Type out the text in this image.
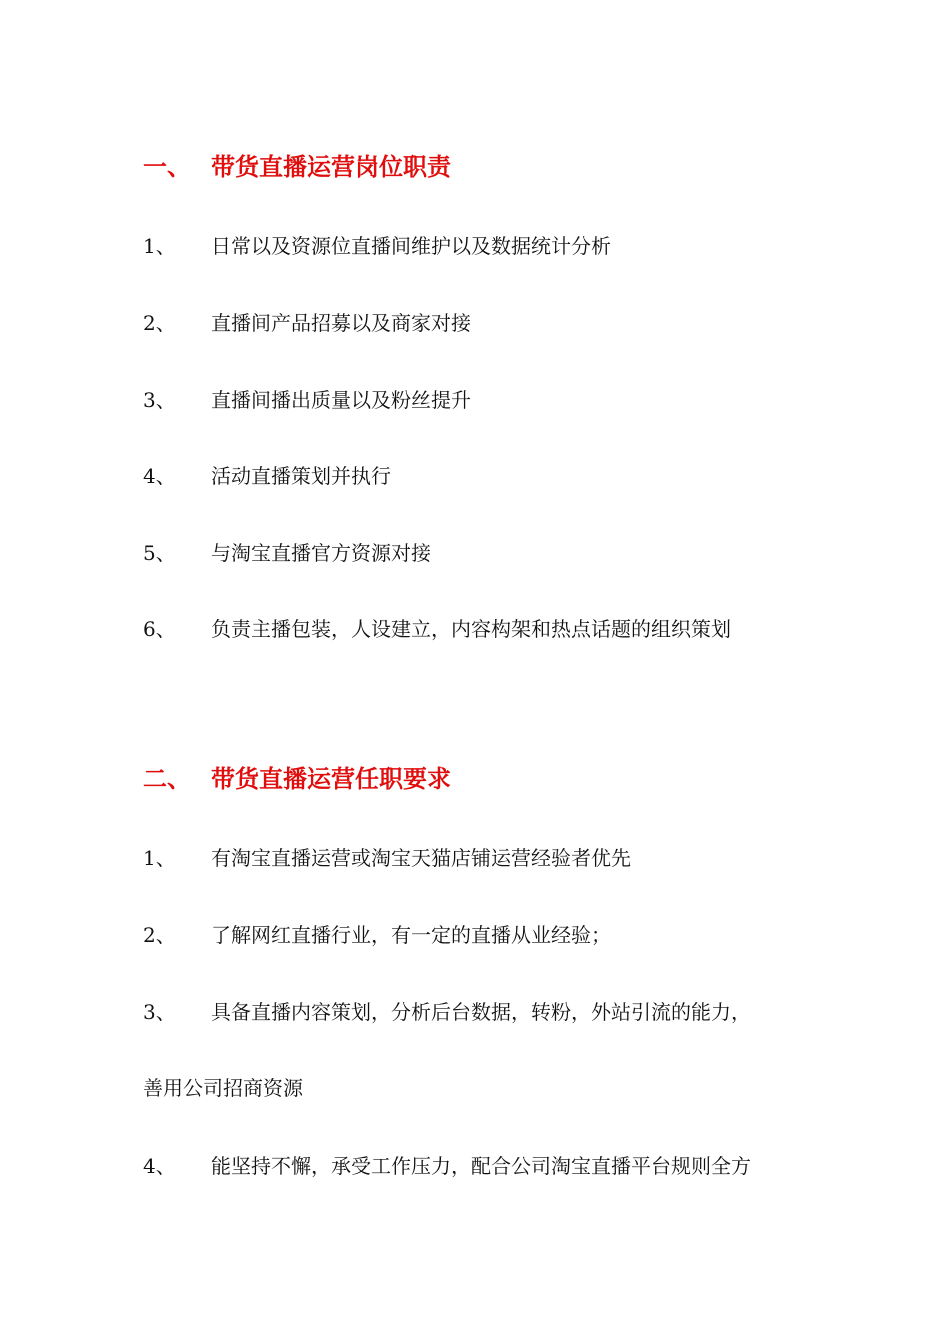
一、 带货直播运营岗位职责
1、 日常以及资源位直播间维护以及数据统计分析
2、 直播间产品招募以及商家对接
3、 直播间播出质量以及粉丝提升
4、 活动直播策划并执行
5、 与淘宝直播官方资源对接
6、 负责主播包装，人设建立，内容构架和热点话题的组织策划
二、 带货直播运营任职要求
1、 有淘宝直播运营或淘宝天猫店铺运营经验者优先
2、 了解网红直播行业，有一定的直播从业经验；
3、 具备直播内容策划，分析后台数据，转粉，外站引流的能力，
善用公司招商资源
4、 能坚持不懈，承受工作压力，配合公司淘宝直播平台规则全方
